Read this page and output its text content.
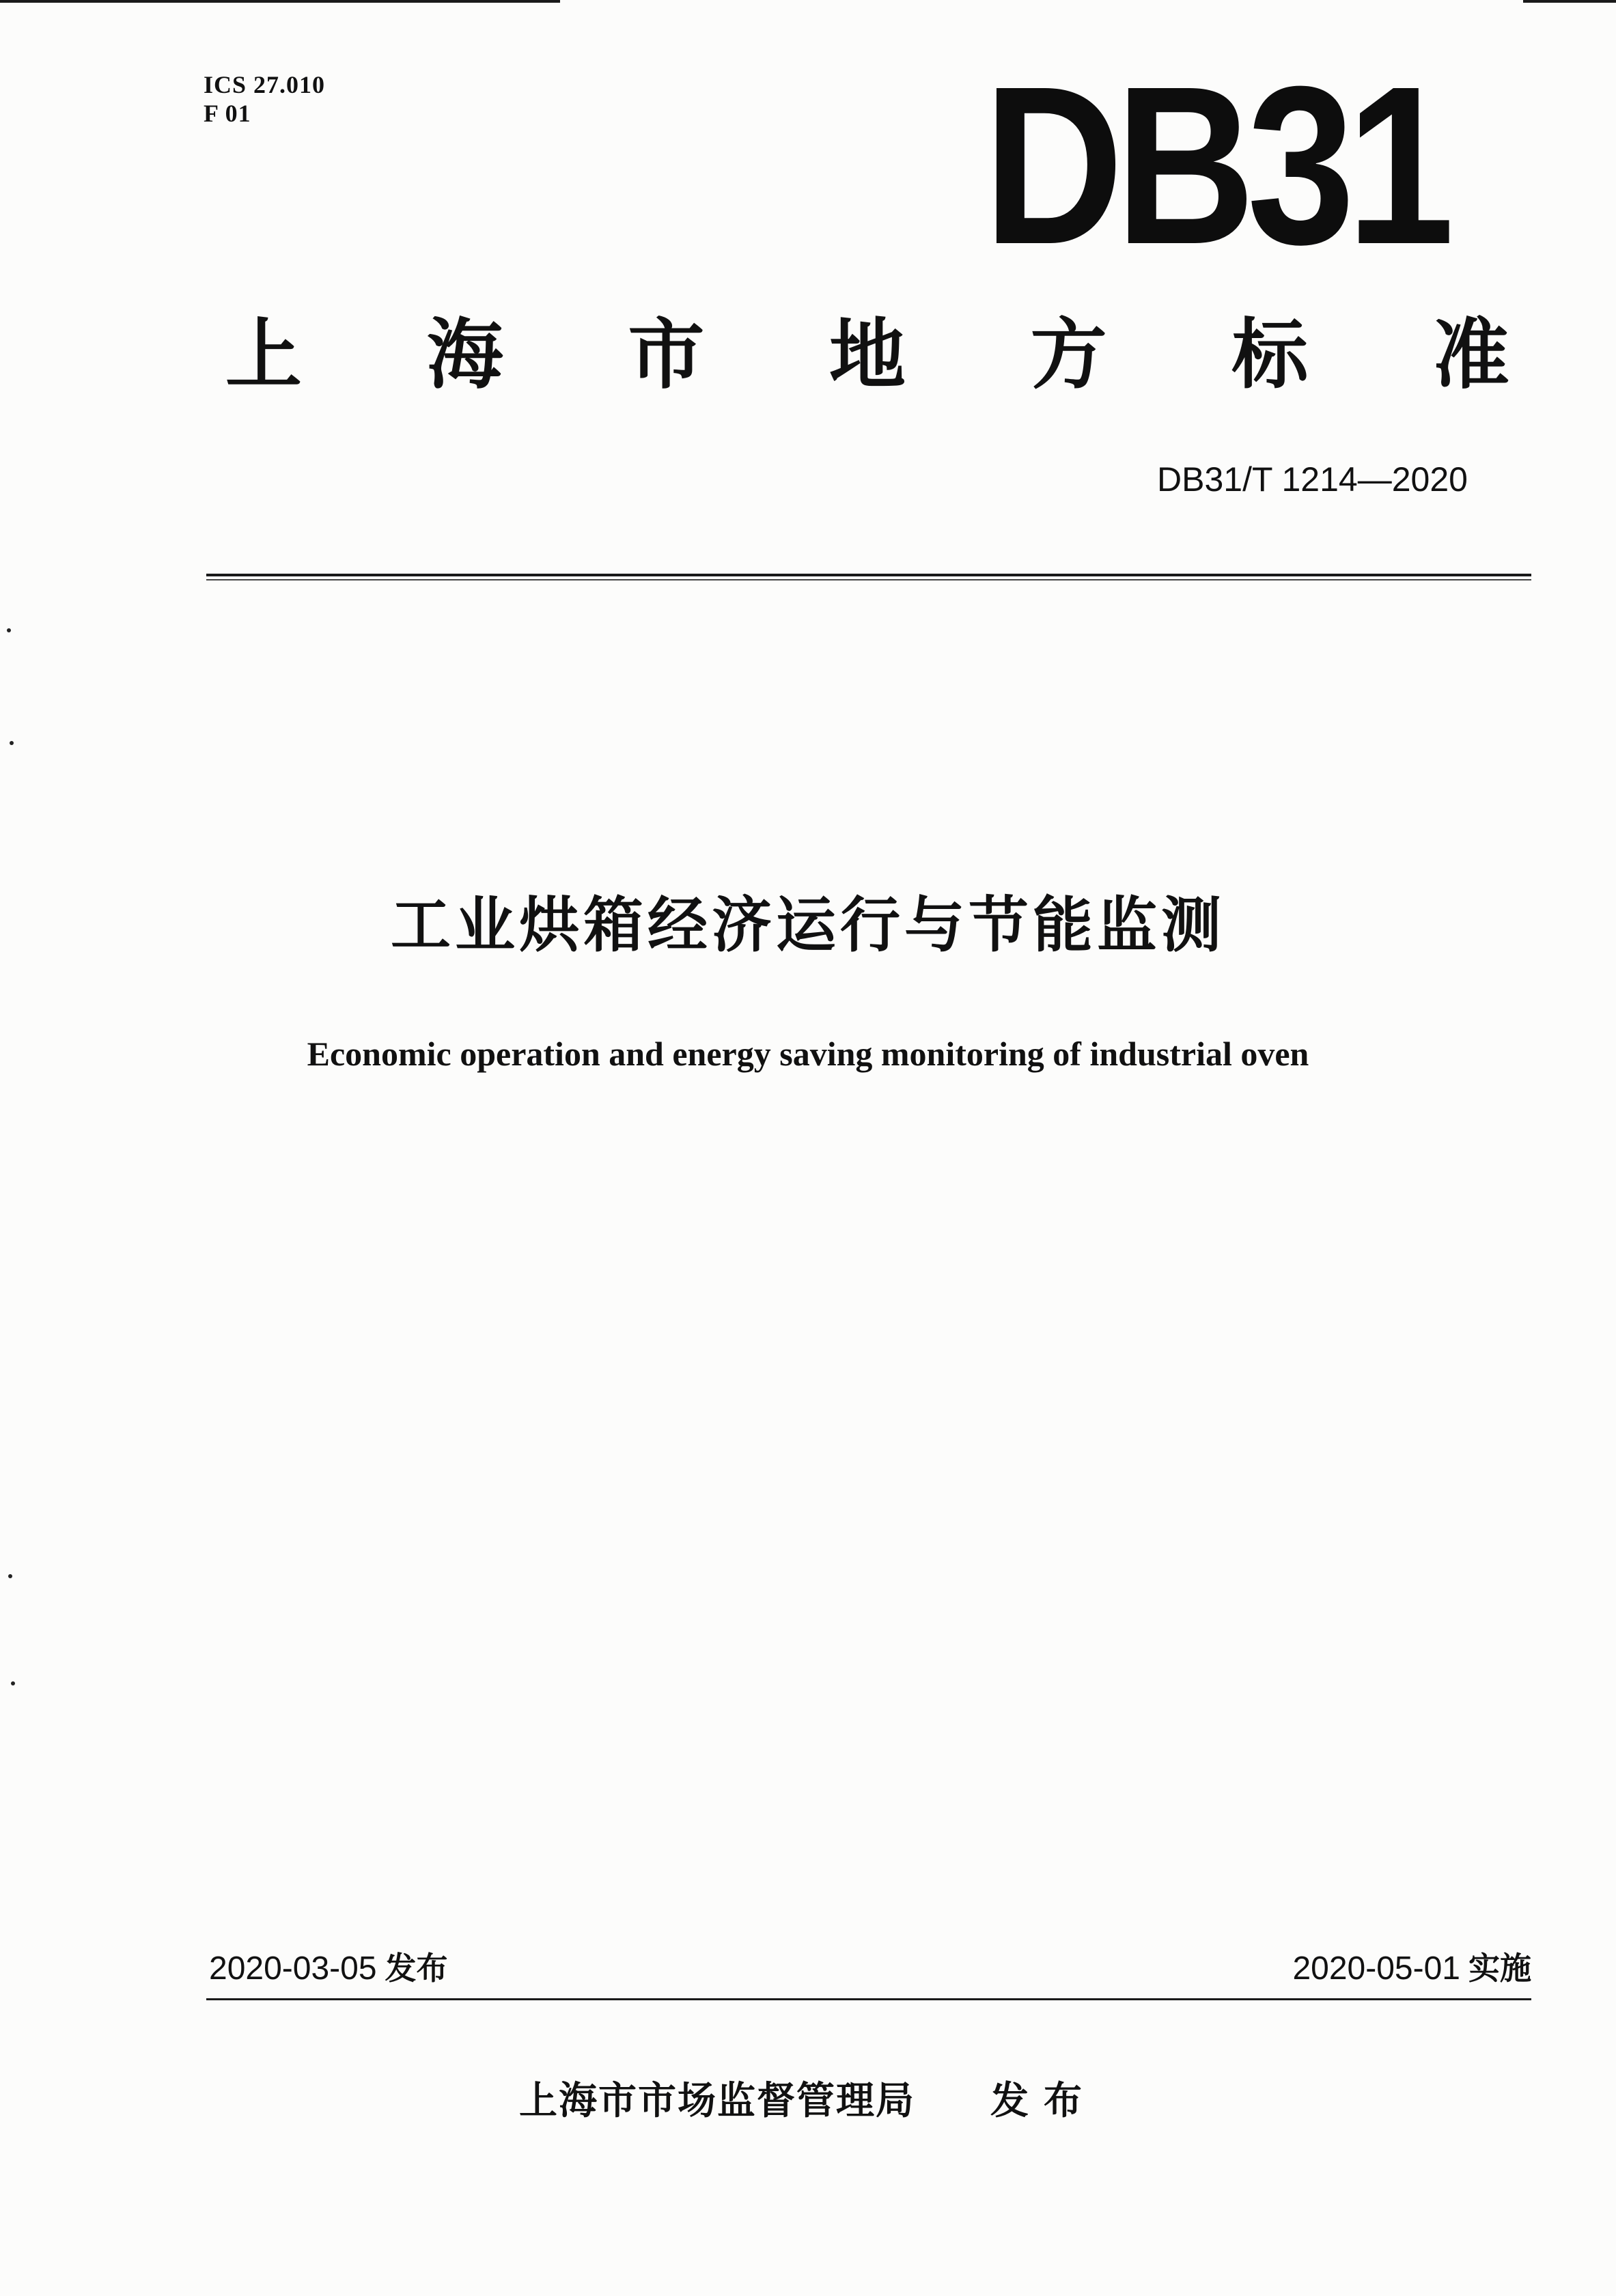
ICS 27.010
F 01	DB31
上 海 市 地 方 标 准
DB31/T 1214—2020
工业烘箱经济运行与节能监测
Economic operation and energy saving monitoring of industrial oven
2020-03-05 发布	2020-05-01 实施
上海市市场监督管理局 发布
